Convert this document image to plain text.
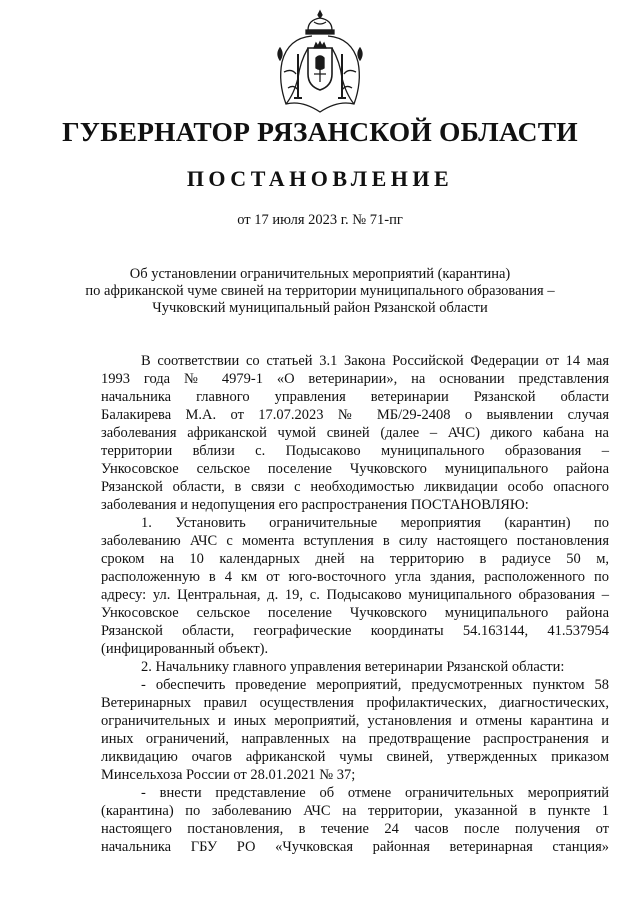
ГУБЕРНАТОР РЯЗАНСКОЙ ОБЛАСТИ
ПОСТАНОВЛЕНИЕ
от 17 июля 2023 г. № 71-пг
Об установлении ограничительных мероприятий (карантина)
по африканской чуме свиней на территории муниципального образования –
Чучковский муниципальный район Рязанской области

В соответствии со статьей 3.1 Закона Российской Федерации от 14 мая

1993 года № 4979-1 «О ветеринарии», на основании представления

начальника главного управления ветеринарии Рязанской области

Балакирева М.А. от 17.07.2023 № МБ/29-2408 о выявлении случая

заболевания африканской чумой свиней (далее – АЧС) дикого кабана на

территории вблизи с. Подысаково муниципального образования –

Ункосовское сельское поселение Чучковского муниципального района

Рязанской области, в связи с необходимостью ликвидации особо опасного

заболевания и недопущения его распространения ПОСТАНОВЛЯЮ:

1. Установить ограничительные мероприятия (карантин) по

заболеванию АЧС с момента вступления в силу настоящего постановления

сроком на 10 календарных дней на территорию в радиусе 50 м,

расположенную в 4 км от юго-восточного угла здания, расположенного по

адресу: ул. Центральная, д. 19, с. Подысаково муниципального образования –

Ункосовское сельское поселение Чучковского муниципального района

Рязанской области, географические координаты 54.163144, 41.537954

(инфицированный объект).

2. Начальнику главного управления ветеринарии Рязанской области:

- обеспечить проведение мероприятий, предусмотренных пунктом 58

Ветеринарных правил осуществления профилактических, диагностических,

ограничительных и иных мероприятий, установления и отмены карантина и

иных ограничений, направленных на предотвращение распространения и

ликвидацию очагов африканской чумы свиней, утвержденных приказом

Минсельхоза России от 28.01.2021 № 37;

- внести представление об отмене ограничительных мероприятий

(карантина) по заболеванию АЧС на территории, указанной в пункте 1

настоящего постановления, в течение 24 часов после получения от

начальника ГБУ РО «Чучковская районная ветеринарная станция»
